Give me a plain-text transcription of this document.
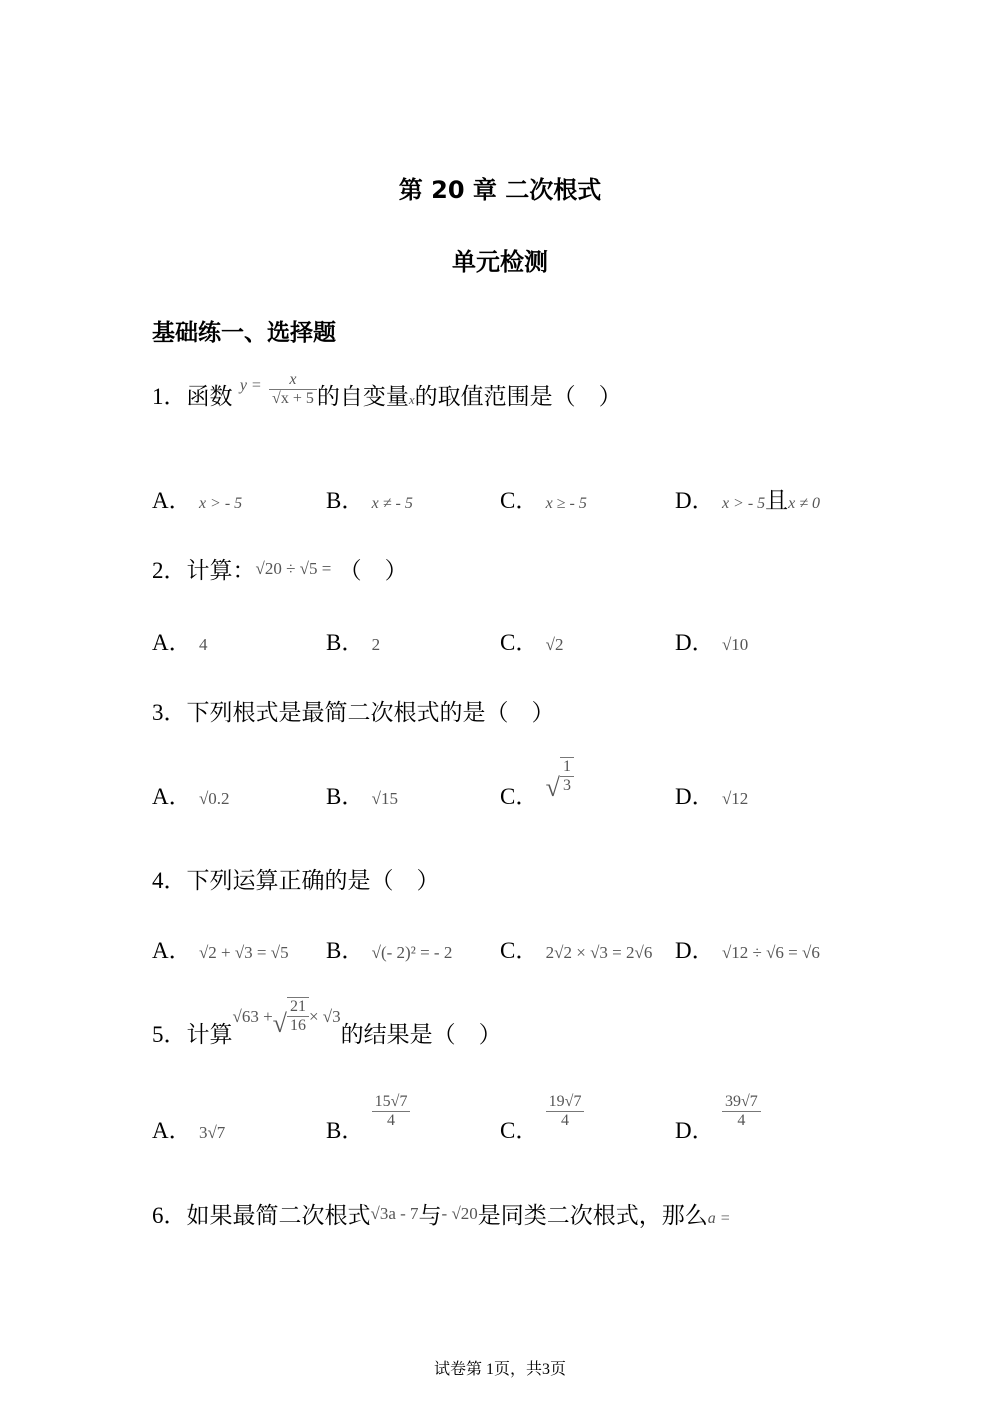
第 20 章 二次根式
单元检测
基础练一、选择题
1．函数 $^{y =} \frac{x}{√x + 5}$ 的自变量x的取值范围是（　）
A． x > - 5	B． x ≠ - 5	C． x ≥ - 5	D． x > - 5且x ≠ 0
2．计算：√20 ÷ √5 = （　）
A． 4	B． 2	C． √2	D． √10
3．下列根式是最简二次根式的是（　）
A． √0.2	B． √15	C． √ $\frac{1}{3}$
D． √12
4．下列运算正确的是（　）
A． √2 + √3 = √5 B． √(- 2)² = - 2 C． 2√2 × √3 = 2√6 D． √12 ÷ √6 = √6
5．计算√63 +√ $\frac{21}{16} \times √3$的结果是（　）
A． 3√7	B．
$\frac{15√7}{4}$
C．
$\frac{19√7}{4}$
D．
$\frac{39√7}{4}$
6．如果最简二次根式√3a - 7与- √20是同类二次根式，那么a =
试卷第 1页，共3页
